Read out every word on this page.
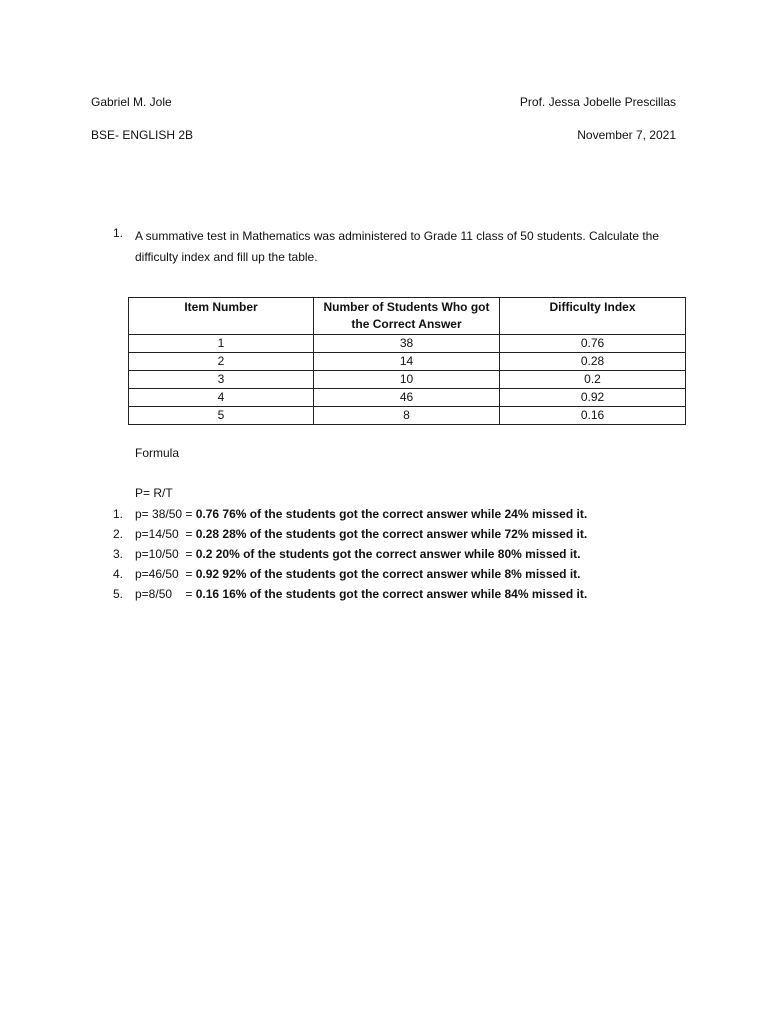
Gabriel M. Jole	Prof. Jessa Jobelle Prescillas
BSE- ENGLISH 2B	November 7, 2021
1. A summative test in Mathematics was administered to Grade 11 class of 50 students. Calculate the difficulty index and fill up the table.
Item Number	Number of Students Who got the Correct Answer	Difficulty Index
1	38	0.76
2	14	0.28
3	10	0.2
4	46	0.92
5	8	0.16
Formula
P= R/T
1. p= 38/50 = 0.76 76% of the students got the correct answer while 24% missed it.
2. p=14/50  = 0.28 28% of the students got the correct answer while 72% missed it.
3. p=10/50  = 0.2 20% of the students got the correct answer while 80% missed it.
4. p=46/50  = 0.92 92% of the students got the correct answer while 8% missed it.
5. p=8/50    = 0.16 16% of the students got the correct answer while 84% missed it.
